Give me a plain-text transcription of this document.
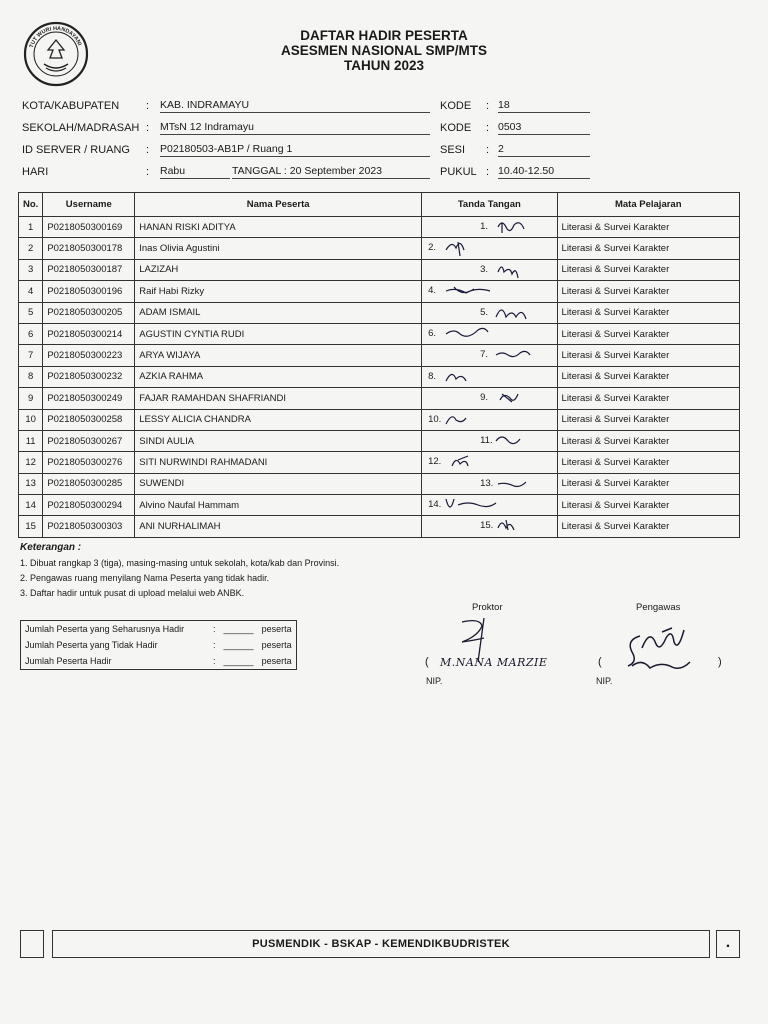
TUT WURI HANDAYANI
DAFTAR HADIR PESERTA
ASESMEN NASIONAL SMP/MTS
TAHUN 2023
KOTA/KABUPATEN : KAB. INDRAMAYU
SEKOLAH/MADRASAH : MTsN 12 Indramayu
ID SERVER / RUANG : P02180503-AB1P / Ruang 1
HARI	: Rabu	TANGGAL : 20 September 2023
KODE : 18
KODE : 0503
SESI : 2
PUKUL : 10.40-12.50
No.	Username	Nama Peserta	Tanda Tangan	Mata Pelajaran
1	P0218050300169	HANAN RISKI ADITYA	1.	Literasi & Survei Karakter
2	P0218050300178	Inas Olivia Agustini	2.	Literasi & Survei Karakter
3	P0218050300187	LAZIZAH	3.	Literasi & Survei Karakter
4	P0218050300196	Raif Habi Rizky	4.	Literasi & Survei Karakter
5	P0218050300205	ADAM ISMAIL	5.	Literasi & Survei Karakter
6	P0218050300214	AGUSTIN CYNTIA RUDI	6.	Literasi & Survei Karakter
7	P0218050300223	ARYA WIJAYA	7.	Literasi & Survei Karakter
8	P0218050300232	AZKIA RAHMA	8.	Literasi & Survei Karakter
9	P0218050300249	FAJAR RAMAHDAN SHAFRIANDI	9.	Literasi & Survei Karakter
10	P0218050300258	LESSY ALICIA CHANDRA	10.	Literasi & Survei Karakter
11	P0218050300267	SINDI AULIA	11.	Literasi & Survei Karakter
12	P0218050300276	SITI NURWINDI RAHMADANI	12.	Literasi & Survei Karakter
13	P0218050300285	SUWENDI	13.	Literasi & Survei Karakter
14	P0218050300294	Alvino Naufal Hammam	14.	Literasi & Survei Karakter
15	P0218050300303	ANI NURHALIMAH	15.	Literasi & Survei Karakter
Keterangan :
1. Dibuat rangkap 3 (tiga), masing-masing untuk sekolah, kota/kab dan Provinsi.
2. Pengawas ruang menyilang Nama Peserta yang tidak hadir.
3. Daftar hadir untuk pusat di upload melalui web ANBK.
Jumlah Peserta yang Seharusnya Hadir	:	______	peserta
Jumlah Peserta yang Tidak Hadir	:	______	peserta
Jumlah Peserta Hadir	:	______	peserta
Proktor
( M.NANA MARZIE
NIP.
Pengawas
(	)
NIP.
PUSMENDIK - BSKAP - KEMENDIKBUDRISTEK	.
